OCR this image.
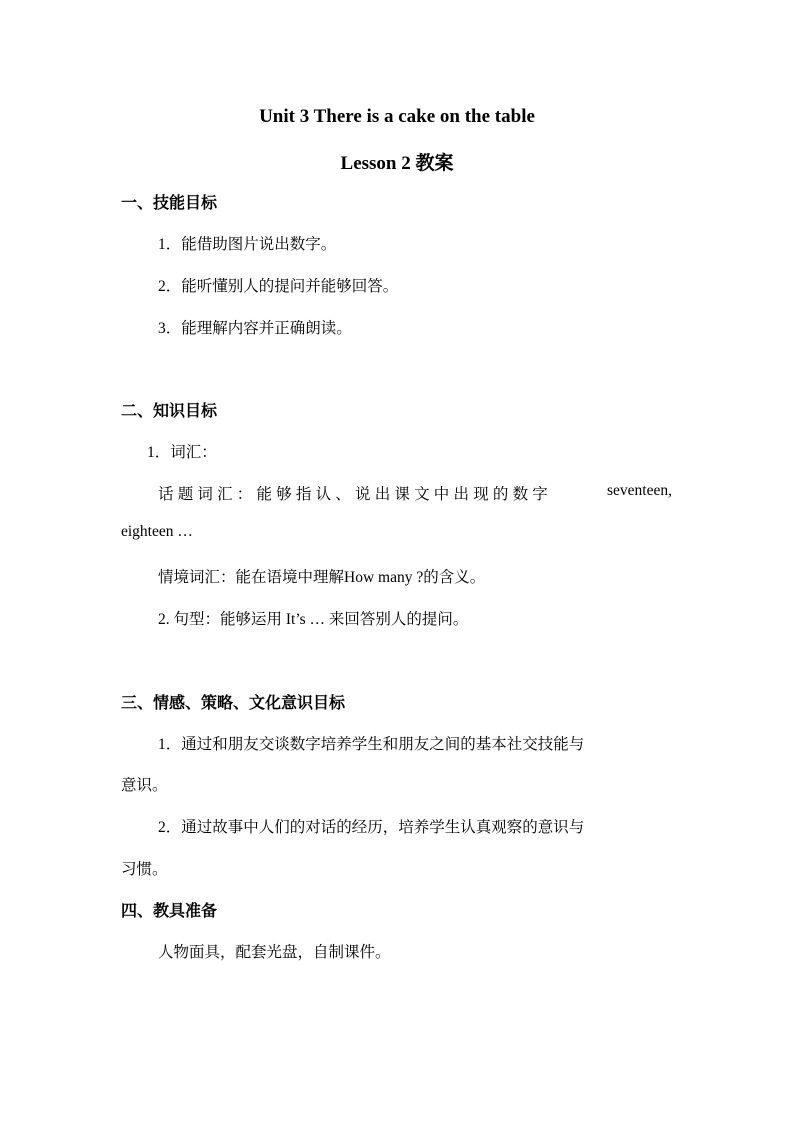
Unit 3 There is a cake on the table
Lesson 2 教案
一、技能目标
1．能借助图片说出数字。
2．能听懂别人的提问并能够回答。
3．能理解内容并正确朗读。
二、知识目标
1．词汇：
话题词汇：能够指认、说出课文中出现的数字	seventeen,
eighteen …
情境词汇：能在语境中理解How many ?的含义。
2. 句型：能够运用 It’s … 来回答别人的提问。
三、情感、策略、文化意识目标
1．通过和朋友交谈数字培养学生和朋友之间的基本社交技能与
意识。
2．通过故事中人们的对话的经历，培养学生认真观察的意识与
习惯。
四、教具准备
人物面具，配套光盘，自制课件。
